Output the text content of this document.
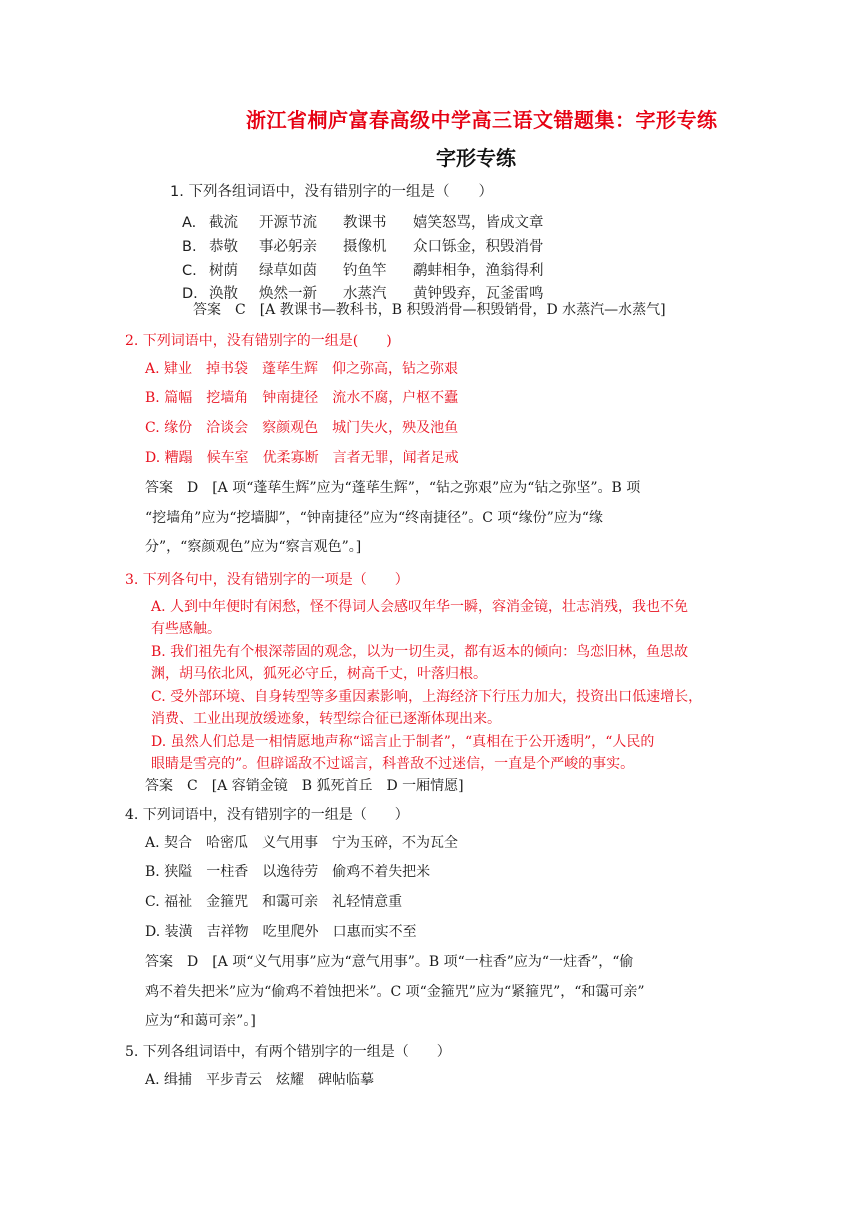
浙江省桐庐富春高级中学高三语文错题集：字形专练
字形专练
1. 下列各组词语中，没有错别字的一组是（　　）
A. 截流 开源节流 教课书 嬉笑怒骂，皆成文章
B. 恭敬 事必躬亲 摄像机 众口铄金，积毁消骨
C. 树荫 绿草如茵 钓鱼竿 鹬蚌相争，渔翁得利
D. 涣散 焕然一新 水蒸汽 黄钟毁弃，瓦釜雷鸣
答案　C　[A 教课书—教科书，B 积毁消骨—积毁销骨，D 水蒸汽—水蒸气]
2. 下列词语中，没有错别字的一组是(　　)
A. 肄业　掉书袋　蓬荜生辉　仰之弥高，钻之弥艰
B. 篇幅　挖墙角　钟南捷径　流水不腐，户枢不蠹
C. 缘份　洽谈会　察颜观色　城门失火，殃及池鱼
D. 糟蹋　候车室　优柔寡断　言者无罪，闻者足戒
答案　D　[A 项“蓬荜生辉”应为“蓬荜生辉”，“钻之弥艰”应为“钻之弥坚”。B 项
“挖墙角”应为“挖墙脚”，“钟南捷径”应为“终南捷径”。C 项“缘份”应为“缘
分”，“察颜观色”应为“察言观色”。]
3. 下列各句中，没有错别字的一项是（　　）
A. 人到中年便时有闲愁，怪不得词人会感叹年华一瞬，容消金镜，壮志消残，我也不免
有些感触。
B. 我们祖先有个根深蒂固的观念，以为一切生灵，都有返本的倾向：鸟恋旧林，鱼思故
渊，胡马依北风，狐死必守丘，树高千丈，叶落归根。
C. 受外部环境、自身转型等多重因素影响，上海经济下行压力加大，投资出口低速增长，
消费、工业出现放缓迹象，转型综合征已逐渐体现出来。
D. 虽然人们总是一相情愿地声称“谣言止于制者”，“真相在于公开透明”，“人民的
眼睛是雪亮的”。但辟谣敌不过谣言，科普敌不过迷信，一直是个严峻的事实。
答案　C　[A 容销金镜　B 狐死首丘　D 一厢情愿]
4. 下列词语中，没有错别字的一组是（　　）
A. 契合　哈密瓜　义气用事　宁为玉碎，不为瓦全
B. 狭隘　一柱香　以逸待劳　偷鸡不着失把米
C. 福祉　金箍咒　和霭可亲　礼轻情意重
D. 装潢　吉祥物　吃里爬外　口惠而实不至
答案　D　[A 项“义气用事”应为“意气用事”。B 项“一柱香”应为“一炷香”，“偷
鸡不着失把米”应为“偷鸡不着蚀把米”。C 项“金箍咒”应为“紧箍咒”，“和霭可亲”
应为“和蔼可亲”。]
5. 下列各组词语中，有两个错别字的一组是（　　）
A. 缉捕　平步青云　炫耀　碑帖临摹
